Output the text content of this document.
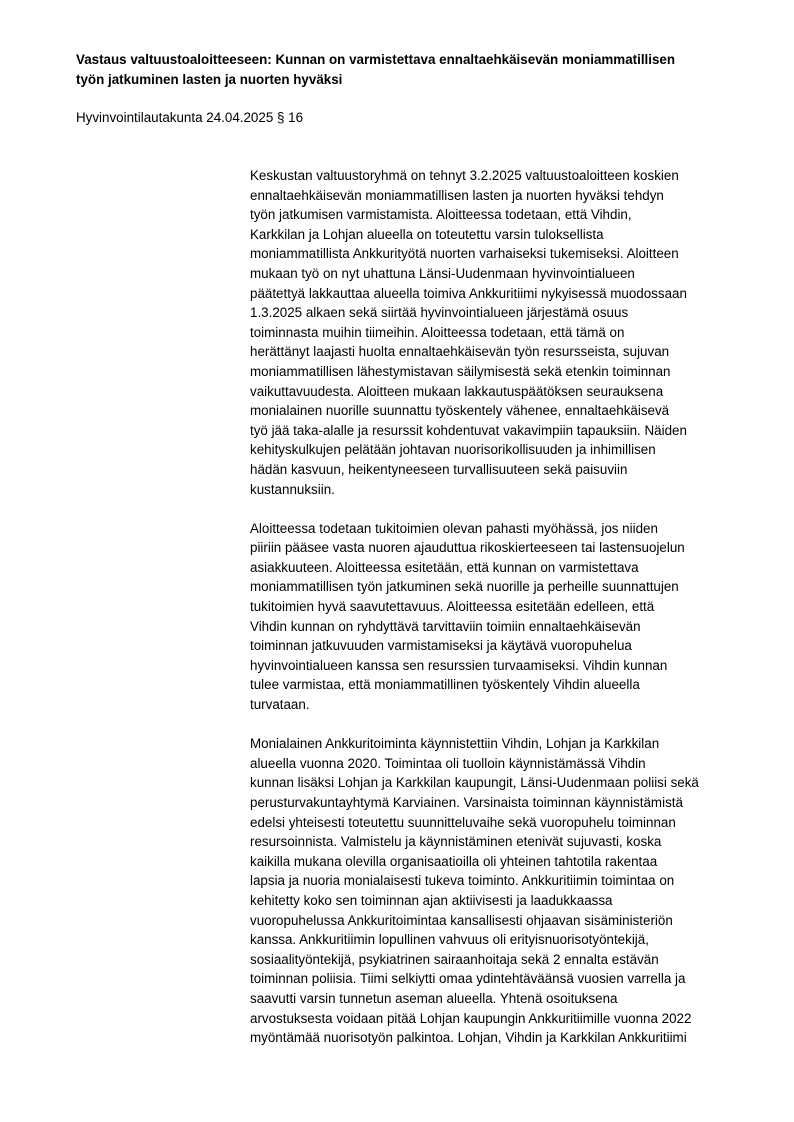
Vastaus valtuustoaloitteeseen: Kunnan on varmistettava ennaltaehkäisevän moniammatillisen
työn jatkuminen lasten ja nuorten hyväksi

Hyvinvointilautakunta 24.04.2025 § 16

Keskustan valtuustoryhmä on tehnyt 3.2.2025 valtuustoaloitteen koskien
ennaltaehkäisevän moniammatillisen lasten ja nuorten hyväksi tehdyn
työn jatkumisen varmistamista. Aloitteessa todetaan, että Vihdin,
Karkkilan ja Lohjan alueella on toteutettu varsin tuloksellista
moniammatillista Ankkurityötä nuorten varhaiseksi tukemiseksi. Aloitteen
mukaan työ on nyt uhattuna Länsi-Uudenmaan hyvinvointialueen
päätettyä lakkauttaa alueella toimiva Ankkuritiimi nykyisessä muodossaan
1.3.2025 alkaen sekä siirtää hyvinvointialueen järjestämä osuus
toiminnasta muihin tiimeihin. Aloitteessa todetaan, että tämä on
herättänyt laajasti huolta ennaltaehkäisevän työn resursseista, sujuvan
moniammatillisen lähestymistavan säilymisestä sekä etenkin toiminnan
vaikuttavuudesta. Aloitteen mukaan lakkautuspäätöksen seurauksena
monialainen nuorille suunnattu työskentely vähenee, ennaltaehkäisevä
työ jää taka-alalle ja resurssit kohdentuvat vakavimpiin tapauksiin. Näiden
kehityskulkujen pelätään johtavan nuorisorikollisuuden ja inhimillisen
hädän kasvuun, heikentyneeseen turvallisuuteen sekä paisuviin
kustannuksiin.

Aloitteessa todetaan tukitoimien olevan pahasti myöhässä, jos niiden
piiriin pääsee vasta nuoren ajauduttua rikoskierteeseen tai lastensuojelun
asiakkuuteen. Aloitteessa esitetään, että kunnan on varmistettava
moniammatillisen työn jatkuminen sekä nuorille ja perheille suunnattujen
tukitoimien hyvä saavutettavuus. Aloitteessa esitetään edelleen, että
Vihdin kunnan on ryhdyttävä tarvittaviin toimiin ennaltaehkäisevän
toiminnan jatkuvuuden varmistamiseksi ja käytävä vuoropuhelua
hyvinvointialueen kanssa sen resurssien turvaamiseksi. Vihdin kunnan
tulee varmistaa, että moniammatillinen työskentely Vihdin alueella
turvataan.

Monialainen Ankkuritoiminta käynnistettiin Vihdin, Lohjan ja Karkkilan
alueella vuonna 2020. Toimintaa oli tuolloin käynnistämässä Vihdin
kunnan lisäksi Lohjan ja Karkkilan kaupungit, Länsi-Uudenmaan poliisi sekä
perusturvakuntayhtymä Karviainen. Varsinaista toiminnan käynnistämistä
edelsi yhteisesti toteutettu suunnitteluvaihe sekä vuoropuhelu toiminnan
resursoinnista. Valmistelu ja käynnistäminen etenivät sujuvasti, koska
kaikilla mukana olevilla organisaatioilla oli yhteinen tahtotila rakentaa
lapsia ja nuoria monialaisesti tukeva toiminto. Ankkuritiimin toimintaa on
kehitetty koko sen toiminnan ajan aktiivisesti ja laadukkaassa
vuoropuhelussa Ankkuritoimintaa kansallisesti ohjaavan sisäministeriön
kanssa. Ankkuritiimin lopullinen vahvuus oli erityisnuorisotyöntekijä,
sosiaalityöntekijä, psykiatrinen sairaanhoitaja sekä 2 ennalta estävän
toiminnan poliisia. Tiimi selkiytti omaa ydintehtäväänsä vuosien varrella ja
saavutti varsin tunnetun aseman alueella. Yhtenä osoituksena
arvostuksesta voidaan pitää Lohjan kaupungin Ankkuritiimille vuonna 2022
myöntämää nuorisotyön palkintoa. Lohjan, Vihdin ja Karkkilan Ankkuritiimi
